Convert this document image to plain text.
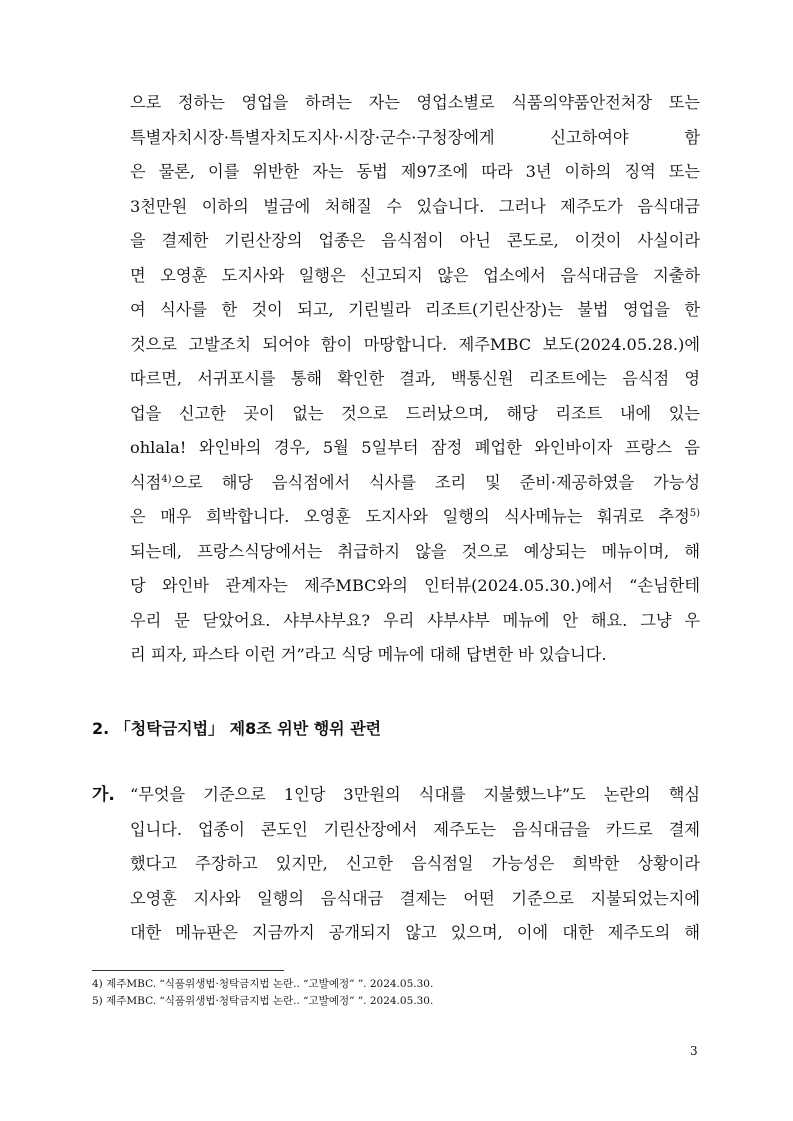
으로 정하는 영업을 하려는 자는 영업소별로 식품의약품안전처장 또는
특별자치시장·특별자치도지사·시장·군수·구청장에게 신고하여야 함
은 물론, 이를 위반한 자는 동법 제97조에 따라 3년 이하의 징역 또는
3천만원 이하의 벌금에 처해질 수 있습니다. 그러나 제주도가 음식대금
을 결제한 기린산장의 업종은 음식점이 아닌 콘도로, 이것이 사실이라
면 오영훈 도지사와 일행은 신고되지 않은 업소에서 음식대금을 지출하
여 식사를 한 것이 되고, 기린빌라 리조트(기린산장)는 불법 영업을 한
것으로 고발조치 되어야 함이 마땅합니다. 제주MBC 보도(2024.05.28.)에
따르면, 서귀포시를 통해 확인한 결과, 백통신원 리조트에는 음식점 영
업을 신고한 곳이 없는 것으로 드러났으며, 해당 리조트 내에 있는
ohlala! 와인바의 경우, 5월 5일부터 잠정 폐업한 와인바이자 프랑스 음
식점$^{4)}$으로 해당 음식점에서 식사를 조리 및 준비·제공하였을 가능성
은 매우 희박합니다. 오영훈 도지사와 일행의 식사메뉴는 훠궈로 추정$^{5)}$
되는데, 프랑스식당에서는 취급하지 않을 것으로 예상되는 메뉴이며, 해
당 와인바 관계자는 제주MBC와의 인터뷰(2024.05.30.)에서 “손님한테
우리 문 닫았어요. 샤부샤부요? 우리 샤부샤부 메뉴에 안 해요. 그냥 우
리 피자, 파스타 이런 거”라고 식당 메뉴에 대해 답변한 바 있습니다.
2. 「청탁금지법」 제8조 위반 행위 관련
가. “무엇을 기준으로 1인당 3만원의 식대를 지불했느냐”도 논란의 핵심
입니다. 업종이 콘도인 기린산장에서 제주도는 음식대금을 카드로 결제
했다고 주장하고 있지만, 신고한 음식점일 가능성은 희박한 상황이라
오영훈 지사와 일행의 음식대금 결제는 어떤 기준으로 지불되었는지에
대한 메뉴판은 지금까지 공개되지 않고 있으며, 이에 대한 제주도의 해
4) 제주MBC. “식품위생법·청탁금지법 논란.. “고발예정” ”. 2024.05.30.
5) 제주MBC. “식품위생법·청탁금지법 논란.. “고발예정” ”. 2024.05.30.
3
